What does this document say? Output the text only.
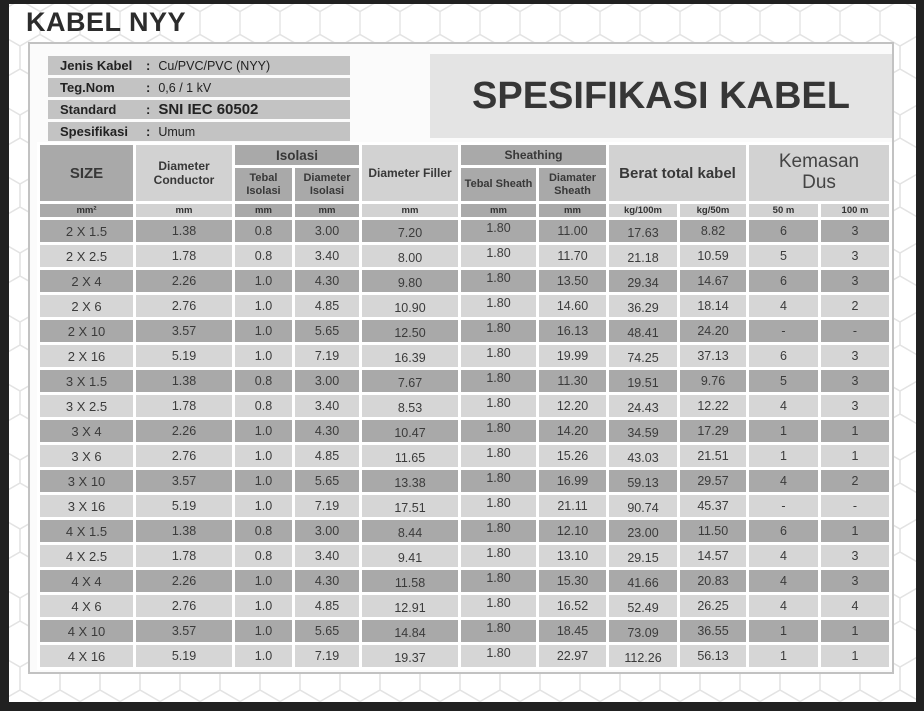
KABEL NYY
Jenis Kabel	: Cu/PVC/PVC (NYY)
Teg.Nom	: 0,6 / 1 kV
Standard	: SNI IEC 60502
Spesifikasi	: Umum
SPESIFIKASI KABEL
SIZE	Diameter Conductor	Isolasi		Diameter Filler	Sheathing		Berat total kabel		Kemasan
Dus	

		Tebal Isolasi	Diameter Isolasi		Tebal Sheath	Diamater Sheath				
mm²	mm	mm	mm	mm	mm	mm	kg/100m	kg/50m	50 m	100 m
2 X 1.5	1.38	0.8	3.00	7.20	1.80	11.00	17.63	8.82	6	3
2 X 2.5	1.78	0.8	3.40	8.00	1.80	11.70	21.18	10.59	5	3
2 X 4	2.26	1.0	4.30	9.80	1.80	13.50	29.34	14.67	6	3
2 X 6	2.76	1.0	4.85	10.90	1.80	14.60	36.29	18.14	4	2
2 X 10	3.57	1.0	5.65	12.50	1.80	16.13	48.41	24.20	-	-
2 X 16	5.19	1.0	7.19	16.39	1.80	19.99	74.25	37.13	6	3
3 X 1.5	1.38	0.8	3.00	7.67	1.80	11.30	19.51	9.76	5	3
3 X 2.5	1.78	0.8	3.40	8.53	1.80	12.20	24.43	12.22	4	3
3 X 4	2.26	1.0	4.30	10.47	1.80	14.20	34.59	17.29	1	1
3 X 6	2.76	1.0	4.85	11.65	1.80	15.26	43.03	21.51	1	1
3 X 10	3.57	1.0	5.65	13.38	1.80	16.99	59.13	29.57	4	2
3 X 16	5.19	1.0	7.19	17.51	1.80	21.11	90.74	45.37	-	-
4 X 1.5	1.38	0.8	3.00	8.44	1.80	12.10	23.00	11.50	6	1
4 X 2.5	1.78	0.8	3.40	9.41	1.80	13.10	29.15	14.57	4	3
4 X 4	2.26	1.0	4.30	11.58	1.80	15.30	41.66	20.83	4	3
4 X 6	2.76	1.0	4.85	12.91	1.80	16.52	52.49	26.25	4	4
4 X 10	3.57	1.0	5.65	14.84	1.80	18.45	73.09	36.55	1	1
4 X 16	5.19	1.0	7.19	19.37	1.80	22.97	112.26	56.13	1	1
